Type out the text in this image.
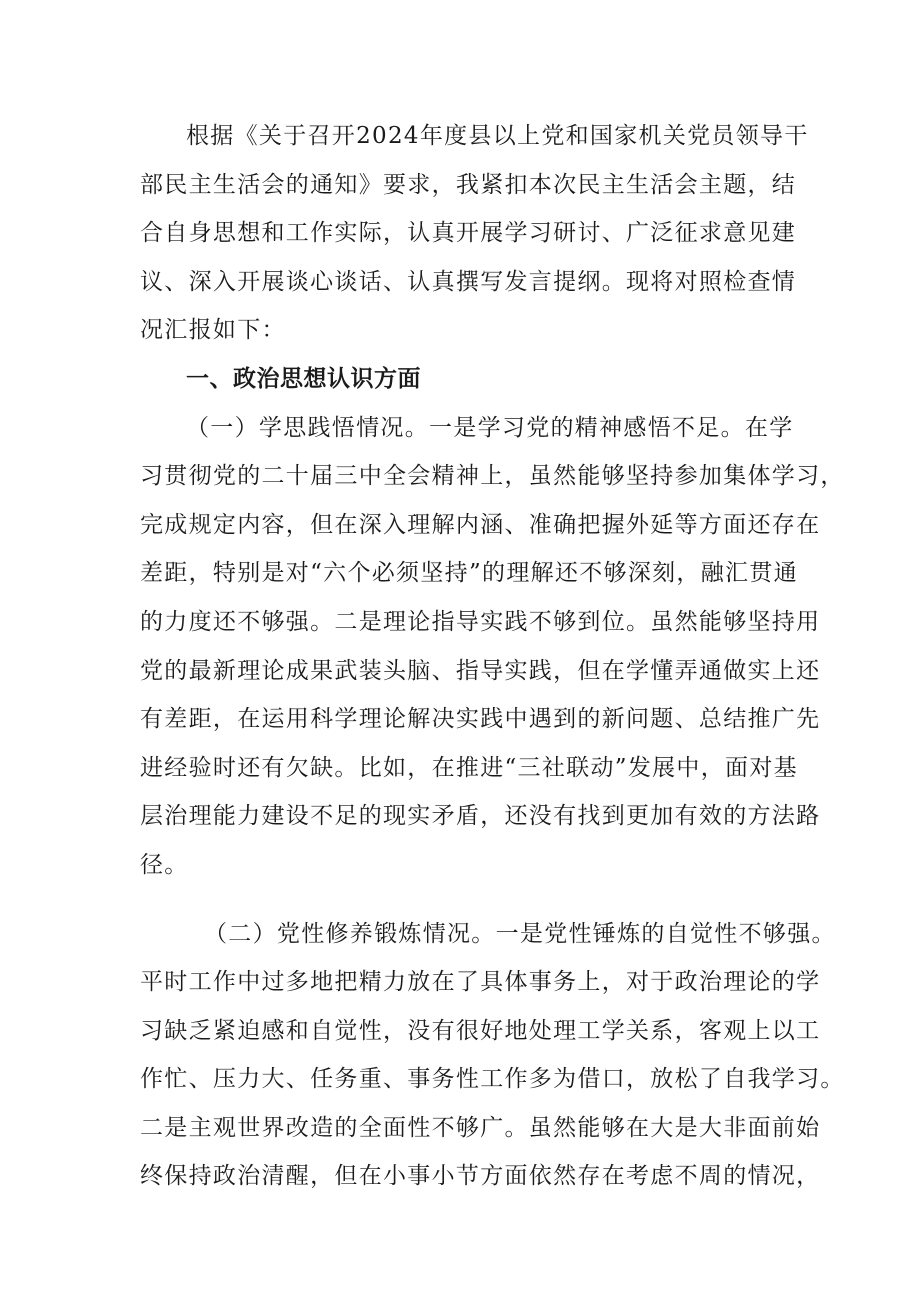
根据《关于召开2024年度县以上党和国家机关党员领导干
部民主生活会的通知》要求，我紧扣本次民主生活会主题，结
合自身思想和工作实际，认真开展学习研讨、广泛征求意见建
议、深入开展谈心谈话、认真撰写发言提纲。现将对照检查情
况汇报如下：
一、政治思想认识方面
（一）学思践悟情况。一是学习党的精神感悟不足。在学
习贯彻党的二十届三中全会精神上，虽然能够坚持参加集体学习，
完成规定内容，但在深入理解内涵、准确把握外延等方面还存在
差距，特别是对“六个必须坚持”的理解还不够深刻，融汇贯通
的力度还不够强。二是理论指导实践不够到位。虽然能够坚持用
党的最新理论成果武装头脑、指导实践，但在学懂弄通做实上还
有差距，在运用科学理论解决实践中遇到的新问题、总结推广先
进经验时还有欠缺。比如，在推进“三社联动”发展中，面对基
层治理能力建设不足的现实矛盾，还没有找到更加有效的方法路
径。
（二）党性修养锻炼情况。一是党性锤炼的自觉性不够强。
平时工作中过多地把精力放在了具体事务上，对于政治理论的学
习缺乏紧迫感和自觉性，没有很好地处理工学关系，客观上以工
作忙、压力大、任务重、事务性工作多为借口，放松了自我学习。
二是主观世界改造的全面性不够广。虽然能够在大是大非面前始
终保持政治清醒，但在小事小节方面依然存在考虑不周的情况，
